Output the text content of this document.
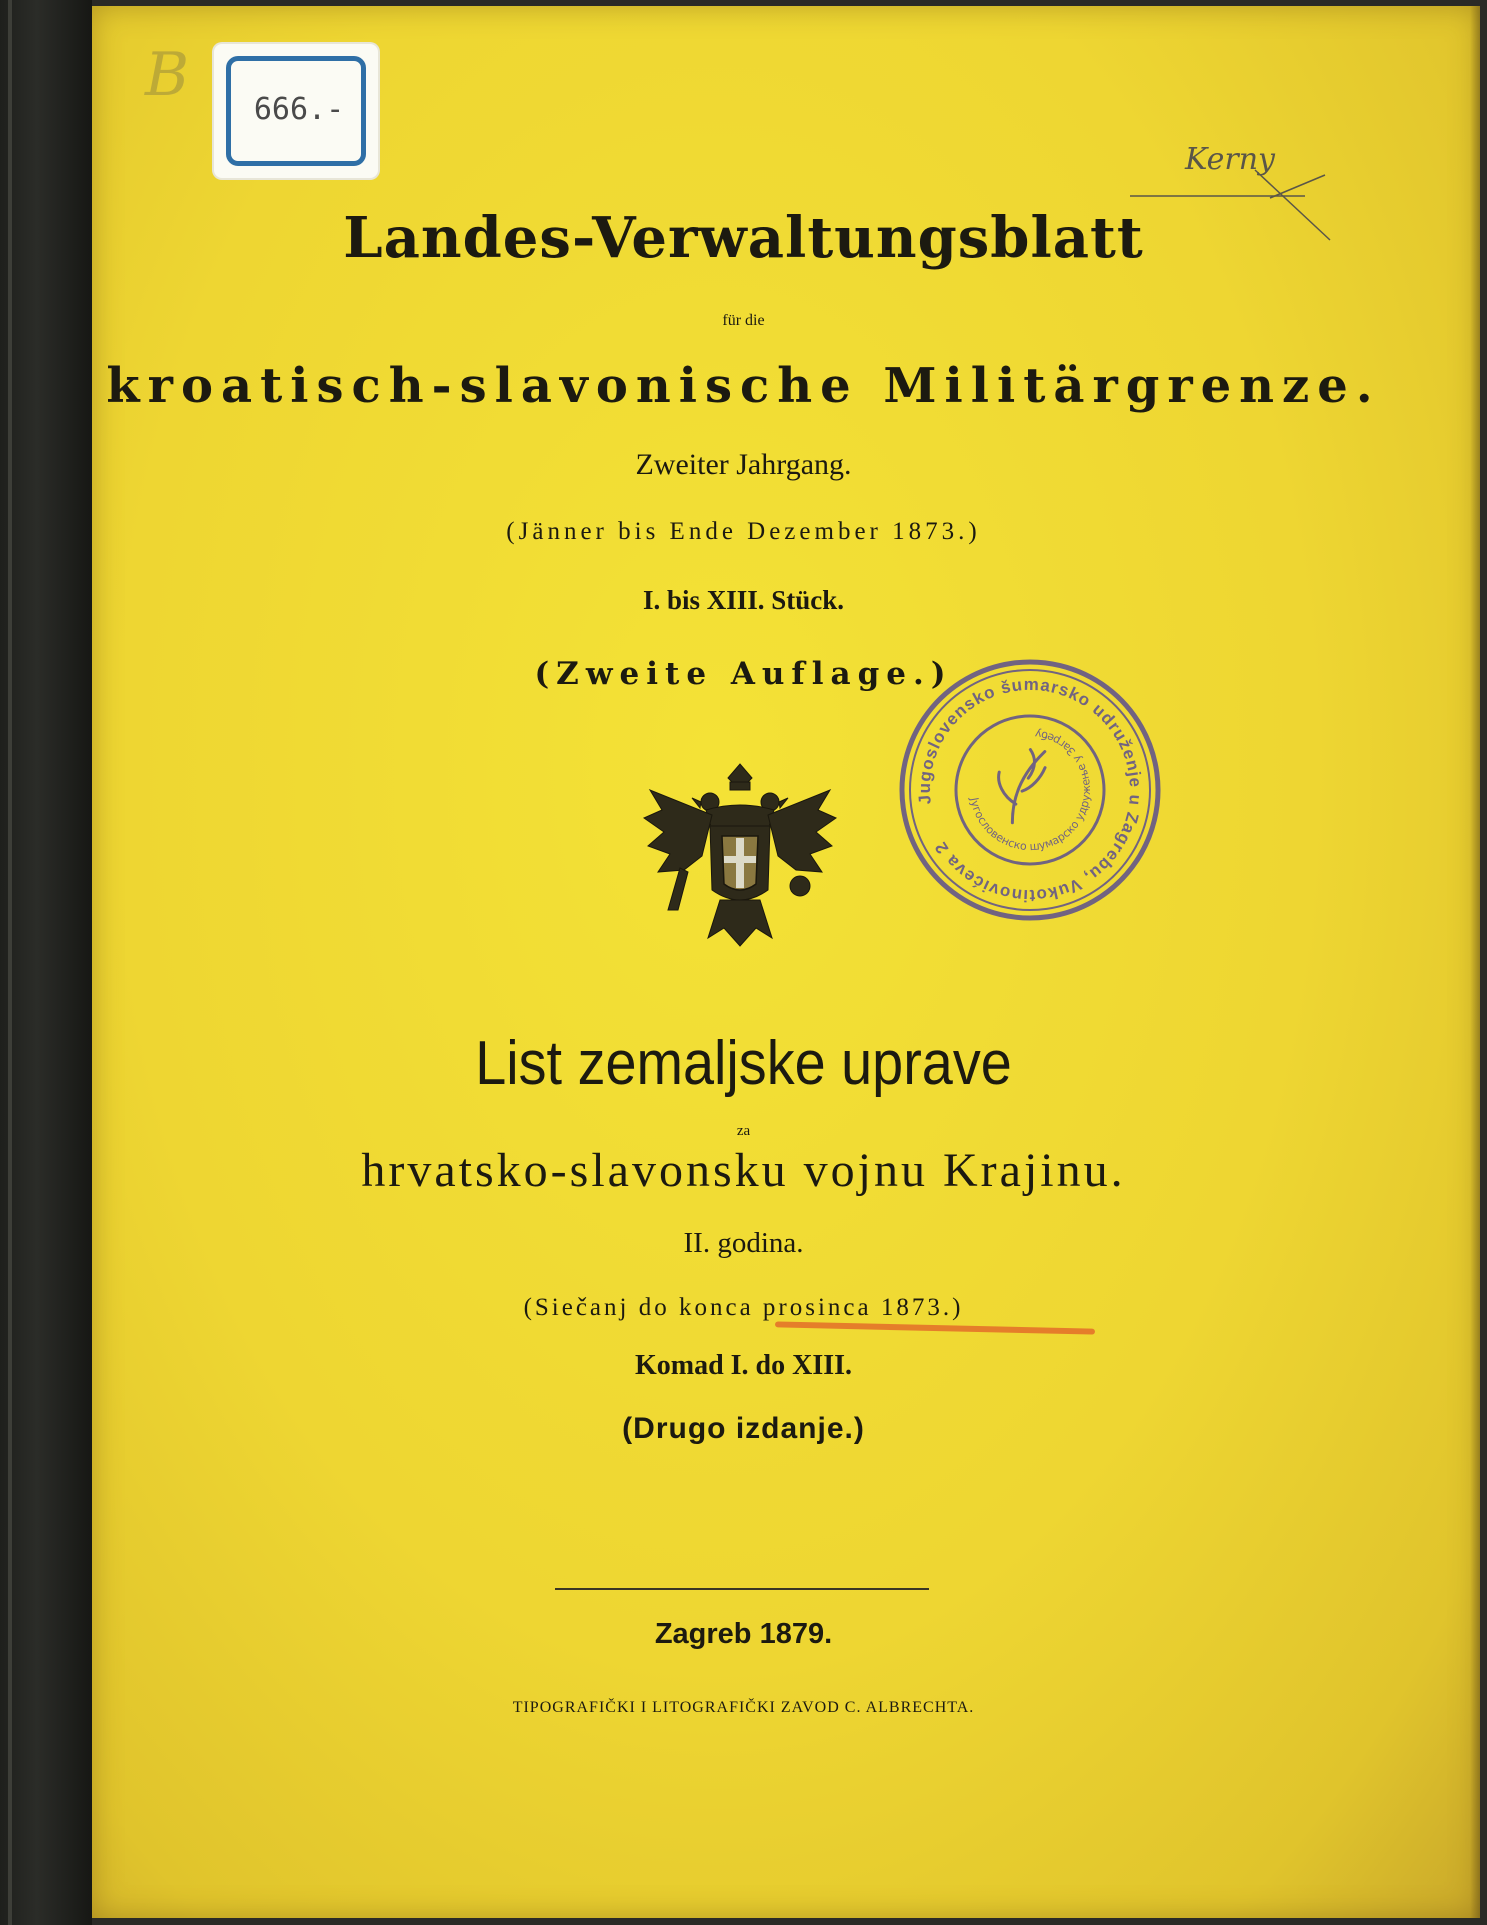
B	666.-
Kerny
Landes-Verwaltungsblatt
für die
kroatisch-slavonische Militärgrenze.
Zweiter Jahrgang.
(Jänner bis Ende Dezember 1873.)
I. bis XIII. Stück.
(Zweite Auflage.)
Jugoslovensko šumarsko udruženje u Zagrebu, Vukotinovićeva 2
Југословенско шумарско удружење у Загребу
List zemaljske uprave
za
hrvatsko-slavonsku vojnu Krajinu.
II. godina.
(Siečanj do konca prosinca 1873.)
Komad I. do XIII.
(Drugo izdanje.)
Zagreb 1879.
TIPOGRAFIČKI I LITOGRAFIČKI ZAVOD C. ALBRECHTA.
